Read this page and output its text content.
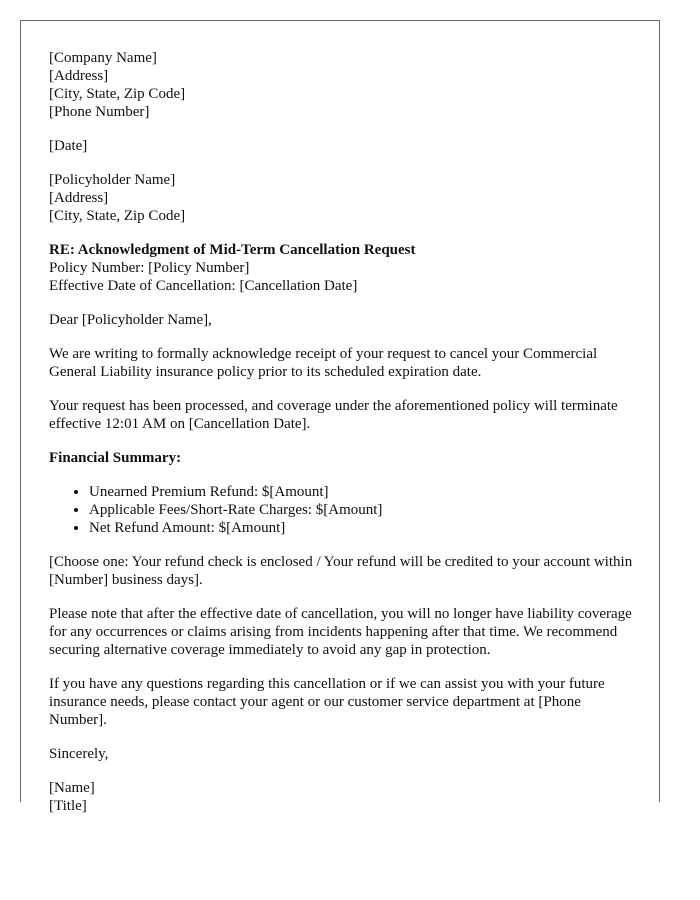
[Company Name]
[Address]
[City, State, Zip Code]
[Phone Number]
[Date]
[Policyholder Name]
[Address]
[City, State, Zip Code]
RE: Acknowledgment of Mid-Term Cancellation Request
Policy Number: [Policy Number]
Effective Date of Cancellation: [Cancellation Date]

Dear [Policyholder Name],

We are writing to formally acknowledge receipt of your request to cancel your Commercial General Liability insurance policy prior to its scheduled expiration date.

Your request has been processed, and coverage under the aforementioned policy will terminate effective 12:01 AM on [Cancellation Date].

Financial Summary:

• Unearned Premium Refund: $[Amount]
• Applicable Fees/Short-Rate Charges: $[Amount]
• Net Refund Amount: $[Amount]

[Choose one: Your refund check is enclosed / Your refund will be credited to your account within [Number] business days].

Please note that after the effective date of cancellation, you will no longer have liability coverage for any occurrences or claims arising from incidents happening after that time. We recommend securing alternative coverage immediately to avoid any gap in protection.

If you have any questions regarding this cancellation or if we can assist you with your future insurance needs, please contact your agent or our customer service department at [Phone Number].

Sincerely,

[Name]
[Title]
